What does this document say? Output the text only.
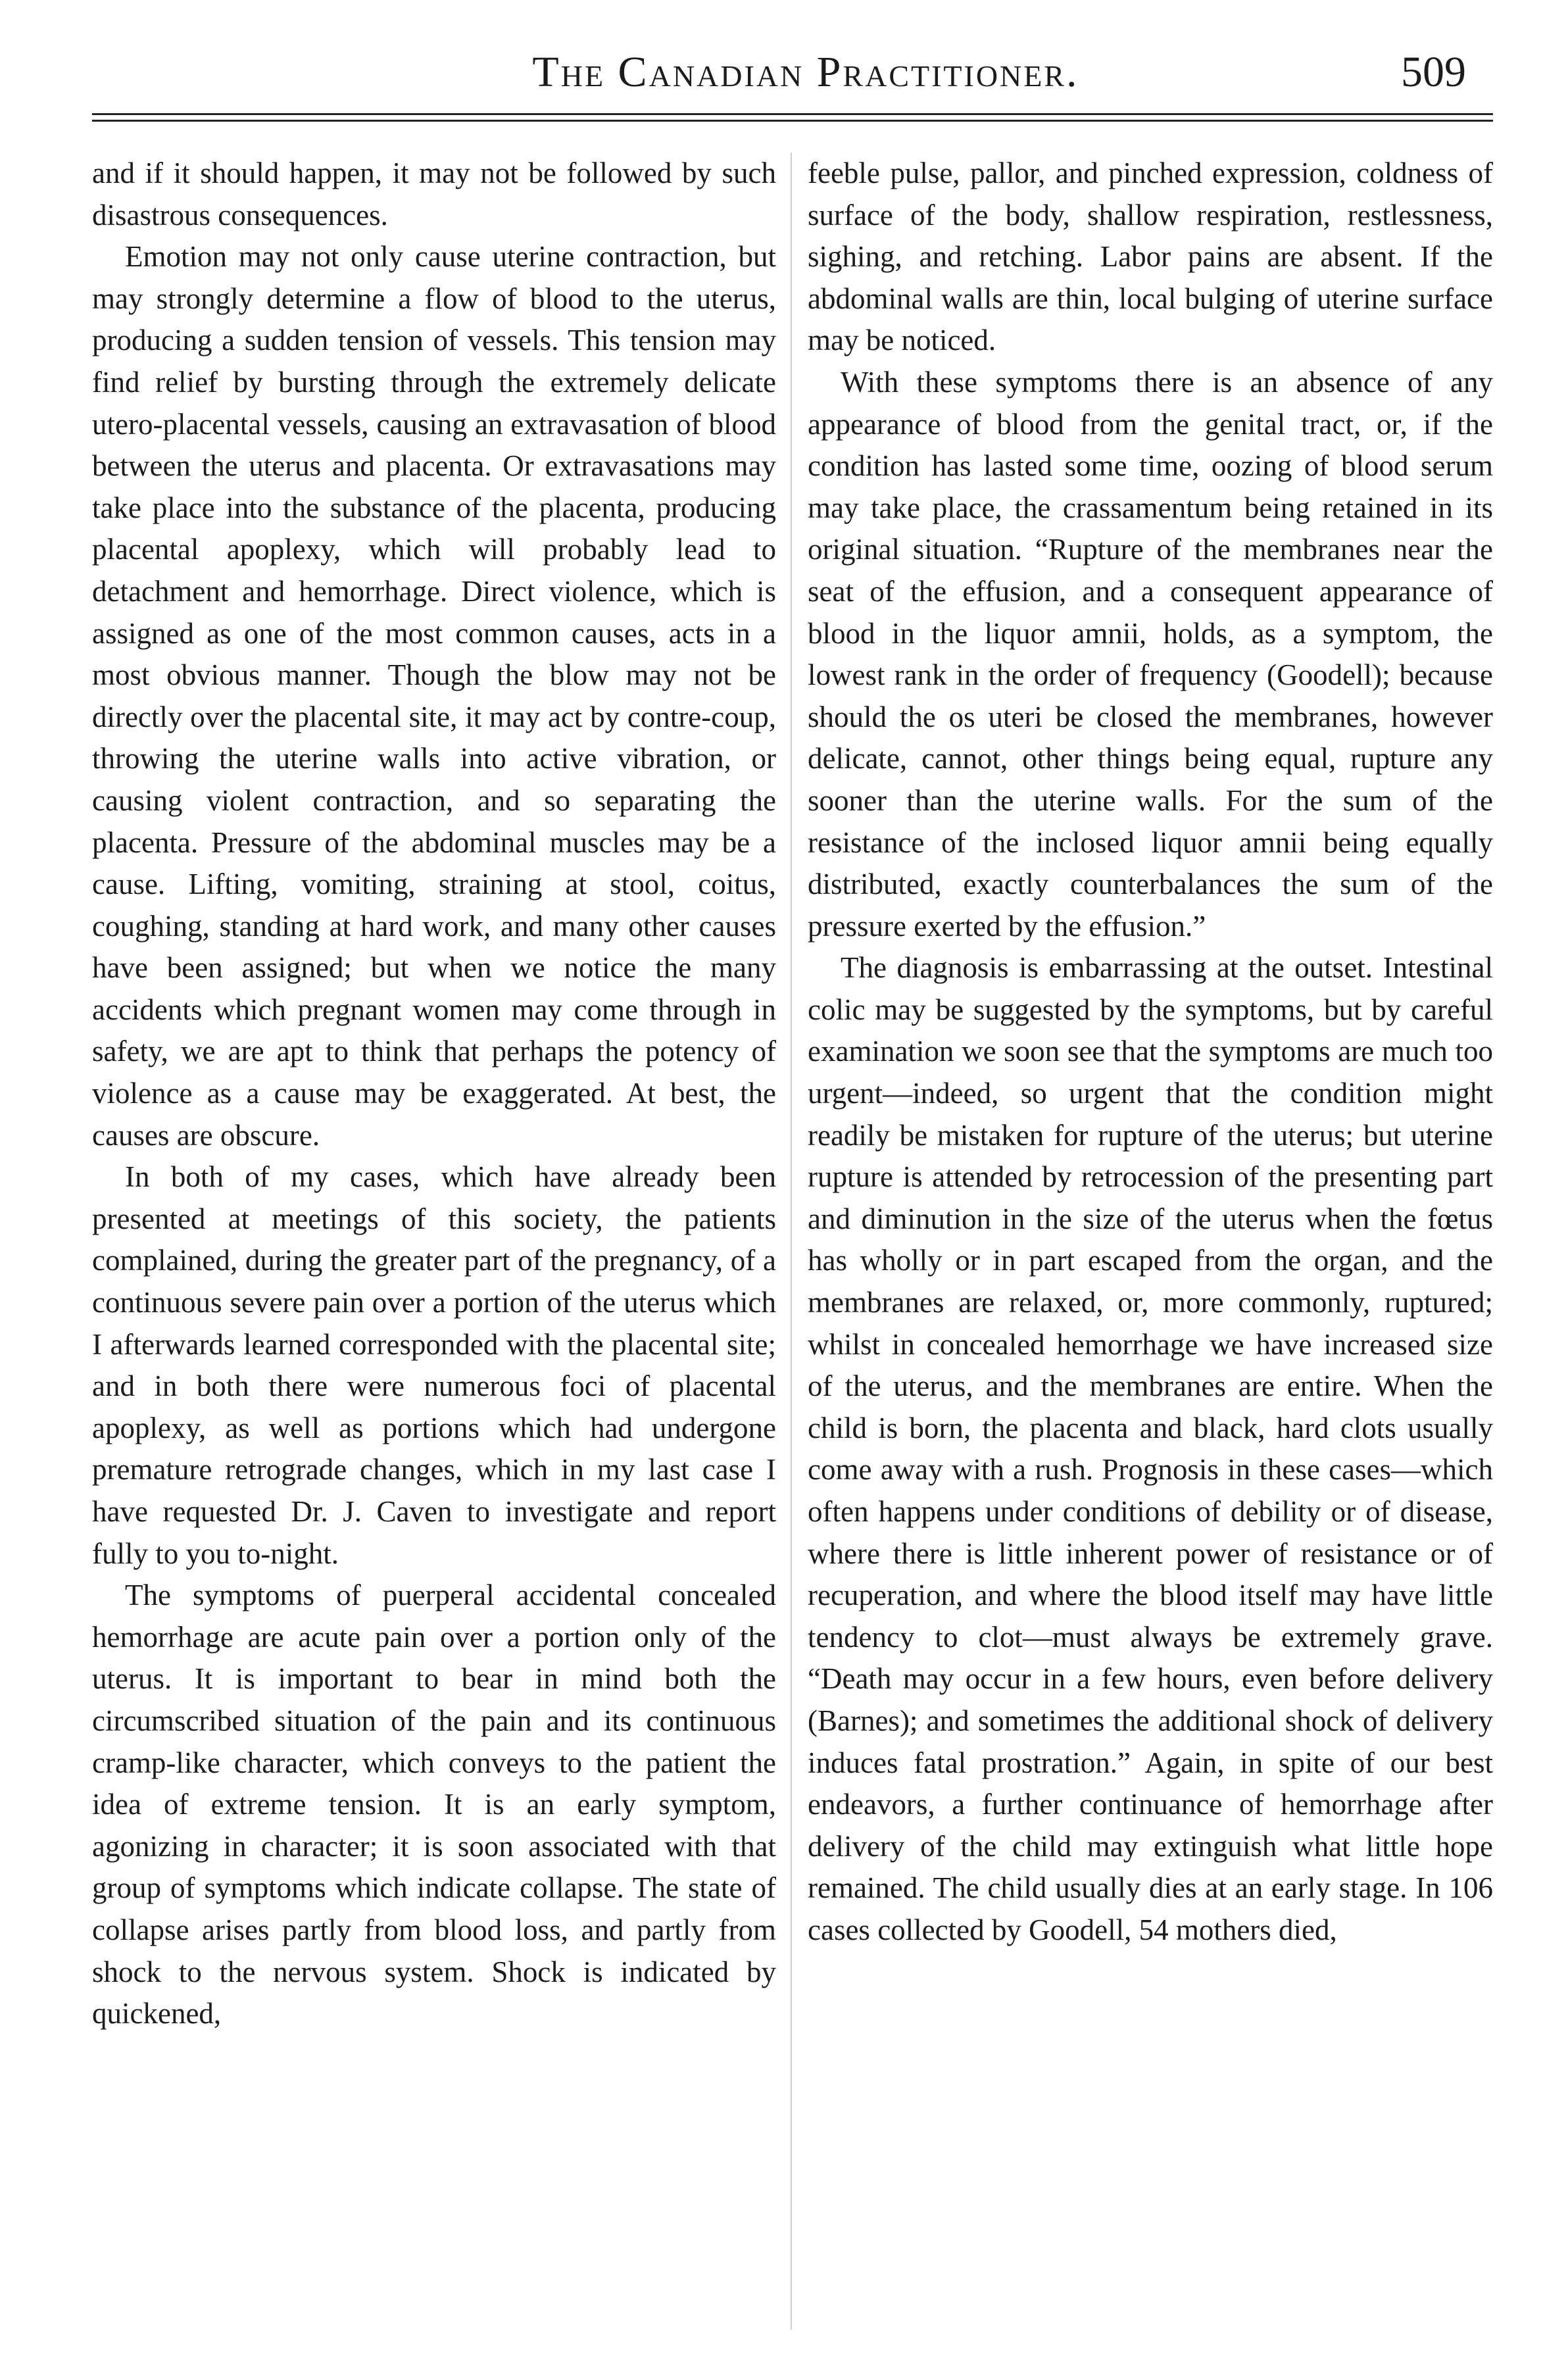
The Canadian Practitioner.	509

and if it should happen, it may not be followed by such disastrous consequences.

Emotion may not only cause uterine contraction, but may strongly determine a flow of blood to the uterus, producing a sudden tension of vessels. This tension may find relief by bursting through the extremely delicate utero-placental vessels, causing an extravasation of blood between the uterus and placenta. Or extravasations may take place into the substance of the placenta, producing placental apoplexy, which will probably lead to detachment and hemorrhage. Direct violence, which is assigned as one of the most common causes, acts in a most obvious manner. Though the blow may not be directly over the placental site, it may act by contre-coup, throwing the uterine walls into active vibration, or causing violent contraction, and so separating the placenta. Pressure of the abdominal muscles may be a cause. Lifting, vomiting, straining at stool, coitus, coughing, standing at hard work, and many other causes have been assigned; but when we notice the many accidents which pregnant women may come through in safety, we are apt to think that perhaps the potency of violence as a cause may be exaggerated. At best, the causes are obscure.

In both of my cases, which have already been presented at meetings of this society, the patients complained, during the greater part of the pregnancy, of a continuous severe pain over a portion of the uterus which I afterwards learned corresponded with the placental site; and in both there were numerous foci of placental apoplexy, as well as portions which had undergone premature retrograde changes, which in my last case I have requested Dr. J. Caven to investigate and report fully to you to-night.

The symptoms of puerperal accidental concealed hemorrhage are acute pain over a portion only of the uterus. It is important to bear in mind both the circumscribed situation of the pain and its continuous cramp-like character, which conveys to the patient the idea of extreme tension. It is an early symptom, agonizing in character; it is soon associated with that group of symptoms which indicate collapse. The state of collapse arises partly from blood loss, and partly from shock to the nervous system. Shock is indicated by quickened,

feeble pulse, pallor, and pinched expression, coldness of surface of the body, shallow respiration, restlessness, sighing, and retching. Labor pains are absent. If the abdominal walls are thin, local bulging of uterine surface may be noticed.

With these symptoms there is an absence of any appearance of blood from the genital tract, or, if the condition has lasted some time, oozing of blood serum may take place, the crassamentum being retained in its original situation. “Rupture of the membranes near the seat of the effusion, and a consequent appearance of blood in the liquor amnii, holds, as a symptom, the lowest rank in the order of frequency (Goodell); because should the os uteri be closed the membranes, however delicate, cannot, other things being equal, rupture any sooner than the uterine walls. For the sum of the resistance of the inclosed liquor amnii being equally distributed, exactly counterbalances the sum of the pressure exerted by the effusion.”

The diagnosis is embarrassing at the outset. Intestinal colic may be suggested by the symptoms, but by careful examination we soon see that the symptoms are much too urgent—indeed, so urgent that the condition might readily be mistaken for rupture of the uterus; but uterine rupture is attended by retrocession of the presenting part and diminution in the size of the uterus when the fœtus has wholly or in part escaped from the organ, and the membranes are relaxed, or, more commonly, ruptured; whilst in concealed hemorrhage we have increased size of the uterus, and the membranes are entire. When the child is born, the placenta and black, hard clots usually come away with a rush. Prognosis in these cases—which often happens under conditions of debility or of disease, where there is little inherent power of resistance or of recuperation, and where the blood itself may have little tendency to clot—must always be extremely grave. “Death may occur in a few hours, even before delivery (Barnes); and sometimes the additional shock of delivery induces fatal prostration.” Again, in spite of our best endeavors, a further continuance of hemorrhage after delivery of the child may extinguish what little hope remained. The child usually dies at an early stage. In 106 cases collected by Goodell, 54 mothers died,
